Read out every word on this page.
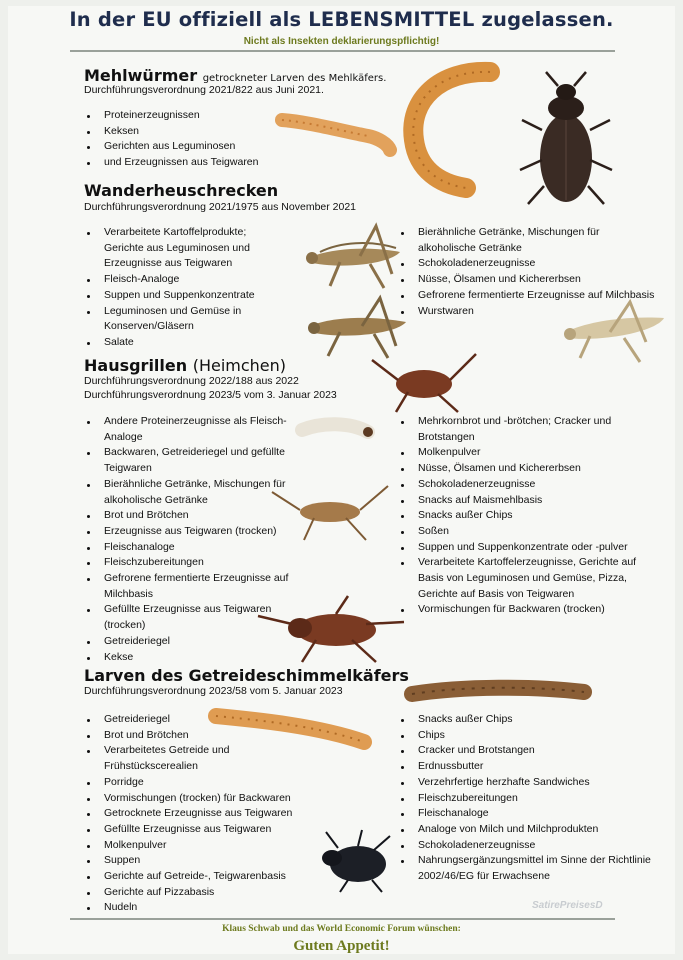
In der EU offiziell als LEBENSMITTEL zugelassen.
Nicht als Insekten deklarierungspflichtig!
Mehlwürmer getrockneter Larven des Mehlkäfers.
Durchführungsverordnung 2021/822 aus Juni 2021.
Proteinerzeugnissen
Keksen
Gerichten aus Leguminosen
und Erzeugnissen aus Teigwaren
Wanderheuschrecken
Durchführungsverordnung 2021/1975 aus November 2021
Verarbeitete Kartoffelprodukte; Gerichte aus Leguminosen und Erzeugnisse aus Teigwaren
Fleisch-Analoge
Suppen und Suppenkonzentrate
Leguminosen und Gemüse in Konserven/Gläsern
Salate
Bierähnliche Getränke, Mischungen für alkoholische Getränke
Schokoladenerzeugnisse
Nüsse, Ölsamen und Kichererbsen
Gefrorene fermentierte Erzeugnisse auf Milchbasis
Wurstwaren
Hausgrillen (Heimchen)
Durchführungsverordnung 2022/188 aus 2022
Durchführungsverordnung 2023/5 vom 3. Januar 2023
Andere Proteinerzeugnisse als Fleisch-Analoge
Backwaren, Getreideriegel und gefüllte Teigwaren
Bierähnliche Getränke, Mischungen für alkoholische Getränke
Brot und Brötchen
Erzeugnisse aus Teigwaren (trocken)
Fleischanaloge
Fleischzubereitungen
Gefrorene fermentierte Erzeugnisse auf Milchbasis
Gefüllte Erzeugnisse aus Teigwaren (trocken)
Getreideriegel
Kekse
Mehrkornbrot und -brötchen; Cracker und Brotstangen
Molkenpulver
Nüsse, Ölsamen und Kichererbsen
Schokoladenerzeugnisse
Snacks auf Maismehlbasis
Snacks außer Chips
Soßen
Suppen und Suppenkonzentrate oder -pulver
Verarbeitete Kartoffelerzeugnisse, Gerichte auf Basis von Leguminosen und Gemüse, Pizza, Gerichte auf Basis von Teigwaren
Vormischungen für Backwaren (trocken)
Larven des Getreideschimmelkäfers
Durchführungsverordnung 2023/58 vom 5. Januar 2023
Getreideriegel
Brot und Brötchen
Verarbeitetes Getreide und Frühstückscerealien
Porridge
Vormischungen (trocken) für Backwaren
Getrocknete Erzeugnisse aus Teigwaren
Gefüllte Erzeugnisse aus Teigwaren
Molkenpulver
Suppen
Gerichte auf Getreide-, Teigwarenbasis
Gerichte auf Pizzabasis
Nudeln
Snacks außer Chips
Chips
Cracker und Brotstangen
Erdnussbutter
Verzehrfertige herzhafte Sandwiches
Fleischzubereitungen
Fleischanaloge
Analoge von Milch und Milchprodukten
Schokoladenerzeugnisse
Nahrungsergänzungsmittel im Sinne der Richtlinie 2002/46/EG für Erwachsene
SatirePreisesD
Klaus Schwab und das World Economic Forum wünschen:
Guten Appetit!
